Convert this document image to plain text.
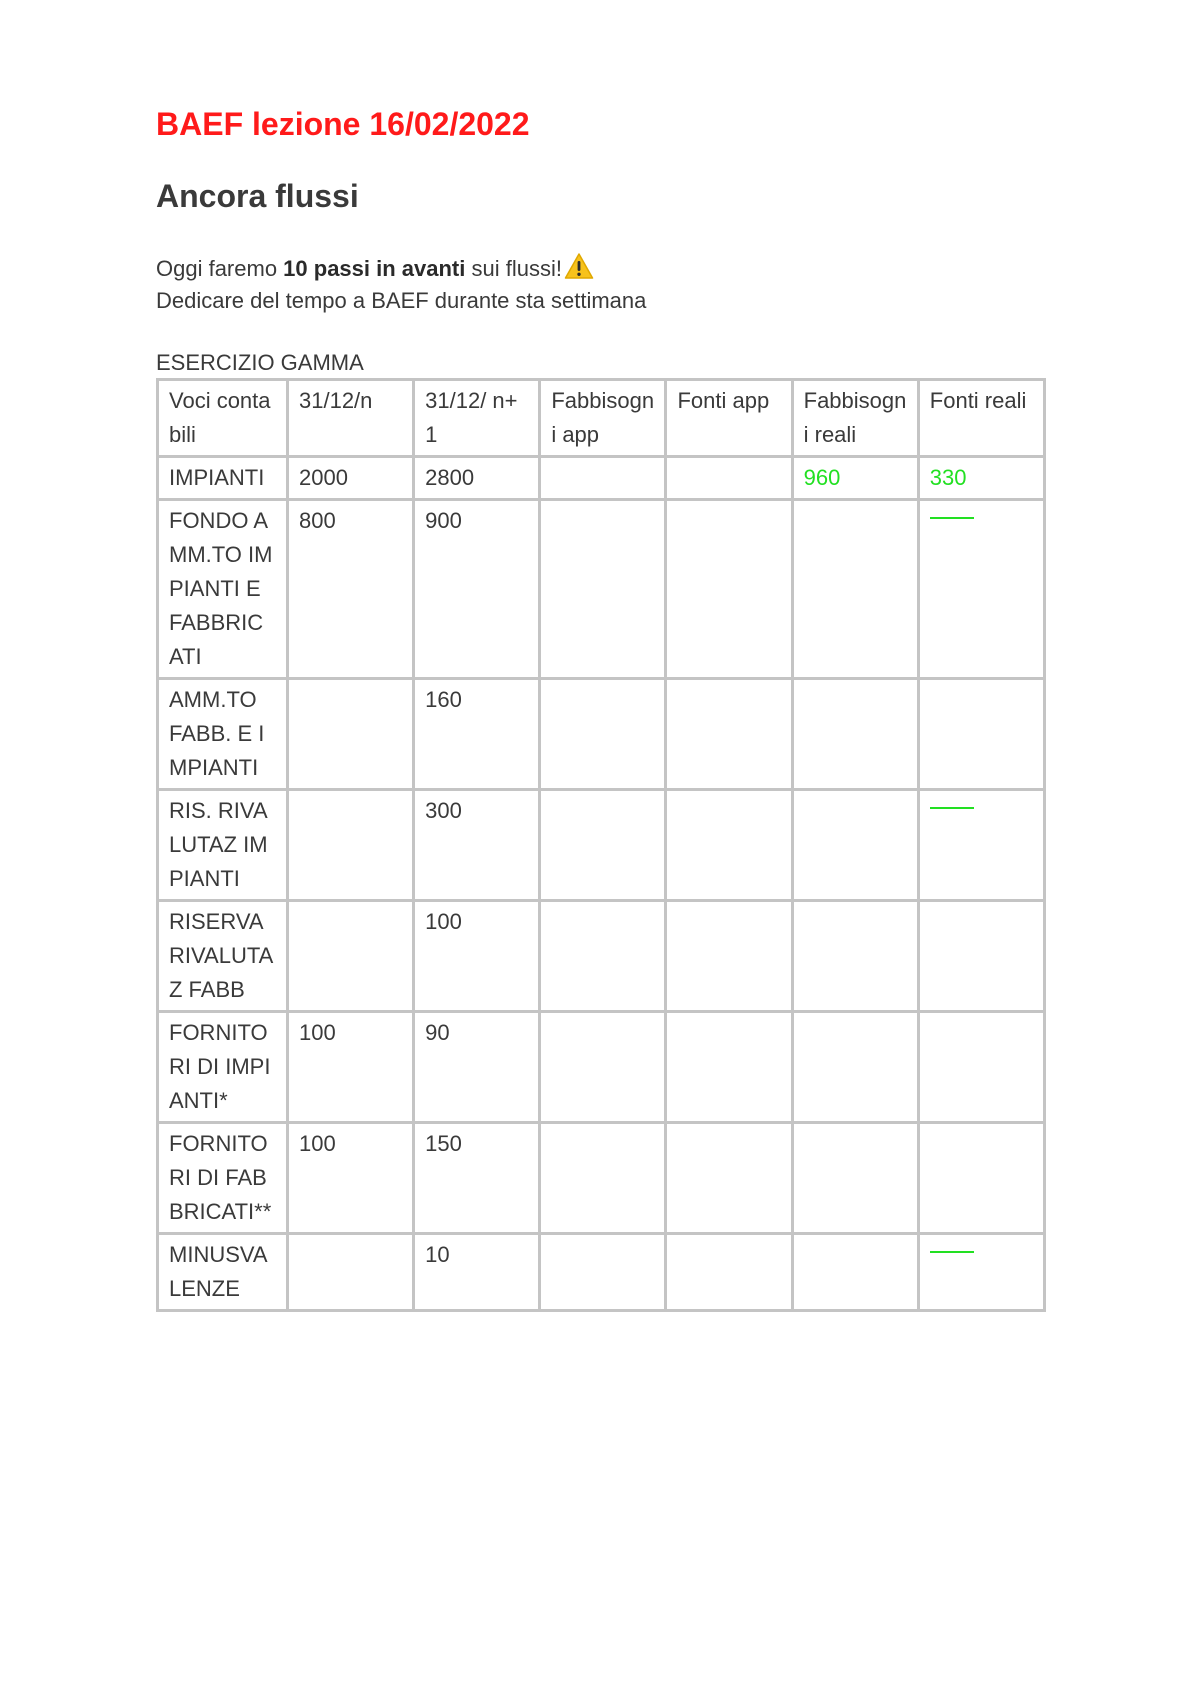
BAEF lezione 16/02/2022
Ancora flussi
Oggi faremo 10 passi in avanti sui flussi!
Dedicare del tempo a BAEF durante sta settimana
ESERCIZIO GAMMA
Voci contabili	31/12/n	31/12/ n+1	Fabbisogni app	Fonti app	Fabbisogni reali	Fonti reali
IMPIANTI	2000	2800			960	330
FONDO AMM.TO IMPIANTI E FABBRICATI	800	900				
AMM.TO FABB. E IMPIANTI		160				
RIS. RIVALUTAZ IMPIANTI		300				
RISERVA RIVALUTAZ FABB		100				
FORNITORI DI IMPIANTI*	100	90				
FORNITORI DI FABBRICATI**	100	150				
MINUSVALENZE		10				
